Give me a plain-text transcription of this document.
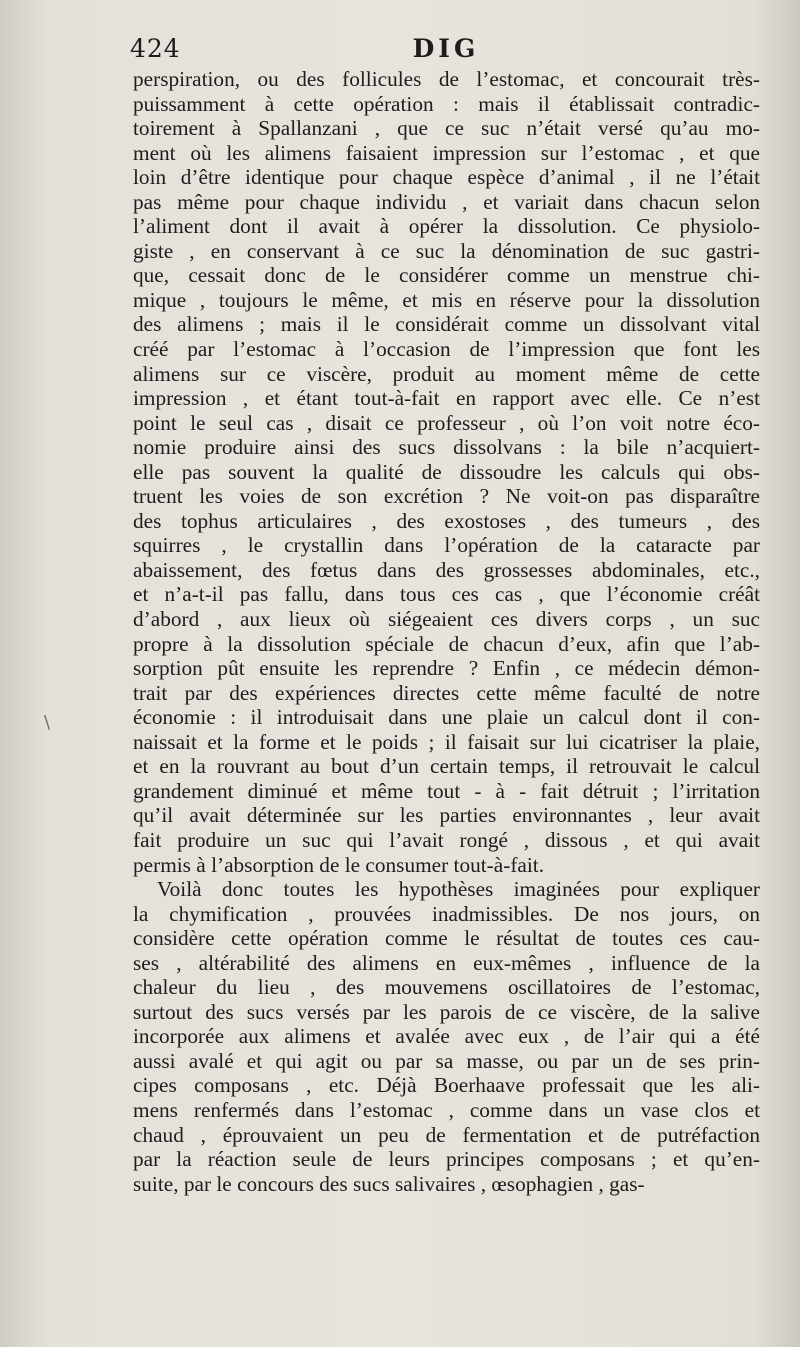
424	DIG
perspiration, ou des follicules de l’estomac, et concourait très-
puissamment à cette opération : mais il établissait contradic-
toirement à Spallanzani , que ce suc n’était versé qu’au mo-
ment où les alimens faisaient impression sur l’estomac , et que
loin d’être identique pour chaque espèce d’animal , il ne l’était
pas même pour chaque individu , et variait dans chacun selon
l’aliment dont il avait à opérer la dissolution. Ce physiolo-
giste , en conservant à ce suc la dénomination de suc gastri-
que, cessait donc de le considérer comme un menstrue chi-
mique , toujours le même, et mis en réserve pour la dissolution
des alimens ; mais il le considérait comme un dissolvant vital
créé par l’estomac à l’occasion de l’impression que font les
alimens sur ce viscère, produit au moment même de cette
impression , et étant tout-à-fait en rapport avec elle. Ce n’est
point le seul cas , disait ce professeur , où l’on voit notre éco-
nomie produire ainsi des sucs dissolvans : la bile n’acquiert-
elle pas souvent la qualité de dissoudre les calculs qui obs-
truent les voies de son excrétion ? Ne voit-on pas disparaître
des tophus articulaires , des exostoses , des tumeurs , des
squirres , le crystallin dans l’opération de la cataracte par
abaissement, des fœtus dans des grossesses abdominales, etc.,
et n’a-t-il pas fallu, dans tous ces cas , que l’économie créât
d’abord , aux lieux où siégeaient ces divers corps , un suc
propre à la dissolution spéciale de chacun d’eux, afin que l’ab-
sorption pût ensuite les reprendre ? Enfin , ce médecin démon-
trait par des expériences directes cette même faculté de notre
économie : il introduisait dans une plaie un calcul dont il con-
naissait et la forme et le poids ; il faisait sur lui cicatriser la plaie,
et en la rouvrant au bout d’un certain temps, il retrouvait le calcul
grandement diminué et même tout - à - fait détruit ; l’irritation
qu’il avait déterminée sur les parties environnantes , leur avait
fait produire un suc qui l’avait rongé , dissous , et qui avait
permis à l’absorption de le consumer tout-à-fait.
Voilà donc toutes les hypothèses imaginées pour expliquer
la chymification , prouvées inadmissibles. De nos jours, on
considère cette opération comme le résultat de toutes ces cau-
ses , altérabilité des alimens en eux-mêmes , influence de la
chaleur du lieu , des mouvemens oscillatoires de l’estomac,
surtout des sucs versés par les parois de ce viscère, de la salive
incorporée aux alimens et avalée avec eux , de l’air qui a été
aussi avalé et qui agit ou par sa masse, ou par un de ses prin-
cipes composans , etc. Déjà Boerhaave professait que les ali-
mens renfermés dans l’estomac , comme dans un vase clos et
chaud , éprouvaient un peu de fermentation et de putréfaction
par la réaction seule de leurs principes composans ; et qu’en-
suite, par le concours des sucs salivaires , œsophagien , gas-
\
